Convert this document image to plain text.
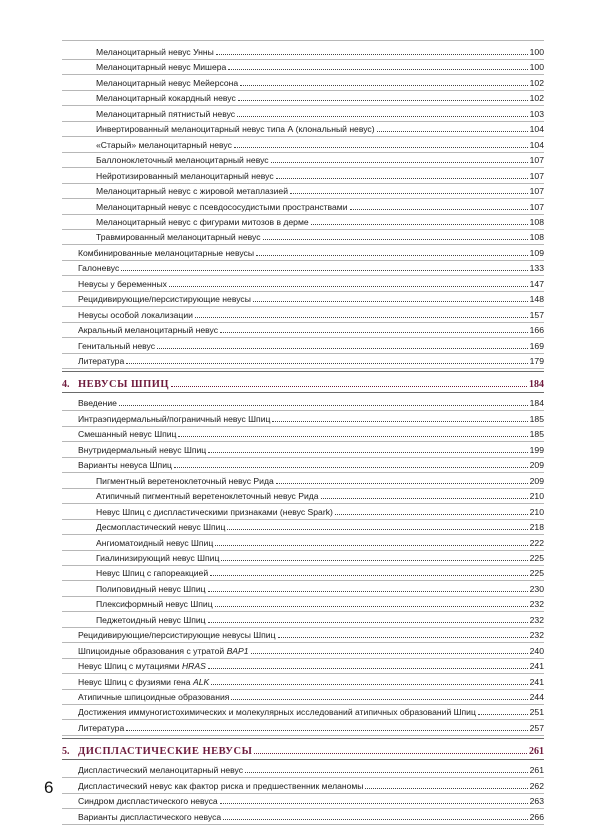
Меланоцитарный невус Унны	100
Меланоцитарный невус Мишера	100
Меланоцитарный невус Мейерсона	102
Меланоцитарный кокардный невус	102
Меланоцитарный пятнистый невус	103
Инвертированный меланоцитарный невус типа А (клональный невус)	104
«Старый» меланоцитарный невус	104
Баллоноклеточный меланоцитарный невус	107
Нейротизированный меланоцитарный невус	107
Меланоцитарный невус с жировой метаплазией	107
Меланоцитарный невус с псевдососудистыми пространствами	107
Меланоцитарный невус с фигурами митозов в дерме	108
Травмированный меланоцитарный невус	108
Комбинированные меланоцитарные невусы	109
Галоневус	133
Невусы у беременных	147
Рецидивирующие/персистирующие невусы	148
Невусы особой локализации	157
Акральный меланоцитарный невус	166
Генитальный невус	169
Литература	179
4. НЕВУСЫ ШПИЦ	184
Введение	184
Интраэпидермальный/пограничный невус Шпиц	185
Смешанный невус Шпиц	185
Внутридермальный невус Шпиц	199
Варианты невуса Шпиц	209
Пигментный веретеноклеточный невус Рида	209
Атипичный пигментный веретеноклеточный невус Рида	210
Невус Шпиц с диспластическими признаками (невус Spark)	210
Десмопластический невус Шпиц	218
Ангиоматоидный невус Шпиц	222
Гиалинизирующий невус Шпиц	225
Невус Шпиц с гапореакцией	225
Полиповидный невус Шпиц	230
Плексиформный невус Шпиц	232
Педжетоидный невус Шпиц	232
Рецидивирующие/персистирующие невусы Шпиц	232
Шпицоидные образования с утратой BAP1	240
Невус Шпиц с мутациями HRAS	241
Невус Шпиц с фузиями гена ALK	241
Атипичные шпицоидные образования	244
Достижения иммуногистохимических и молекулярных исследований атипичных образований Шпиц	251
Литература	257
5. ДИСПЛАСТИЧЕСКИЕ НЕВУСЫ	261
Диспластический меланоцитарный невус	261
Диспластический невус как фактор риска и предшественник меланомы	262
Синдром диспластического невуса	263
Варианты диспластического невуса	266
6
